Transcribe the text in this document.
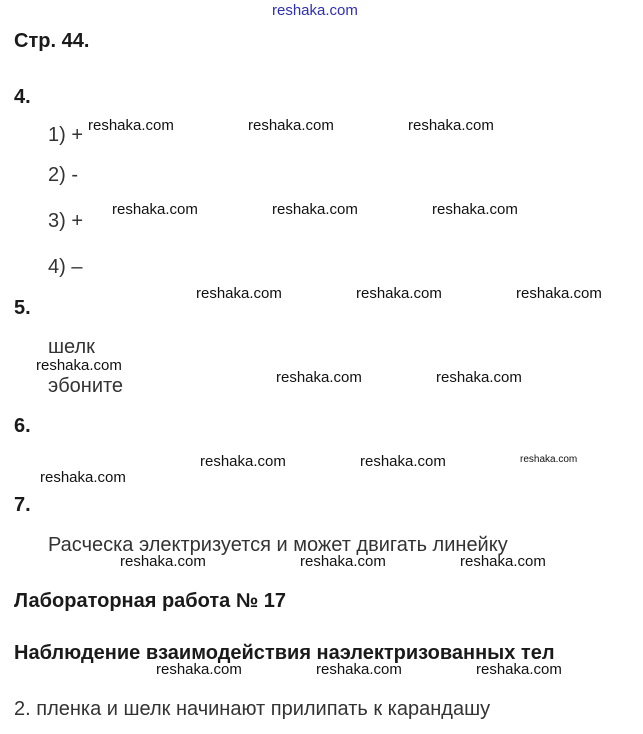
reshaka.com
Стр. 44.
4.
1) +
2) -
3) +
4) –
reshaka.com	reshaka.com	reshaka.com
reshaka.com	reshaka.com	reshaka.com
5.
reshaka.com	reshaka.com	reshaka.com
шелк
reshaka.com
эбоните	reshaka.com	reshaka.com
6.
reshaka.com	reshaka.com	reshaka.com
reshaka.com
7.
Расческа электризуется и может двигать линейку
reshaka.com	reshaka.com	reshaka.com
Лабораторная работа № 17
Наблюдение взаимодействия наэлектризованных тел
reshaka.com	reshaka.com	reshaka.com
2. пленка и шелк начинают прилипать к карандашу
